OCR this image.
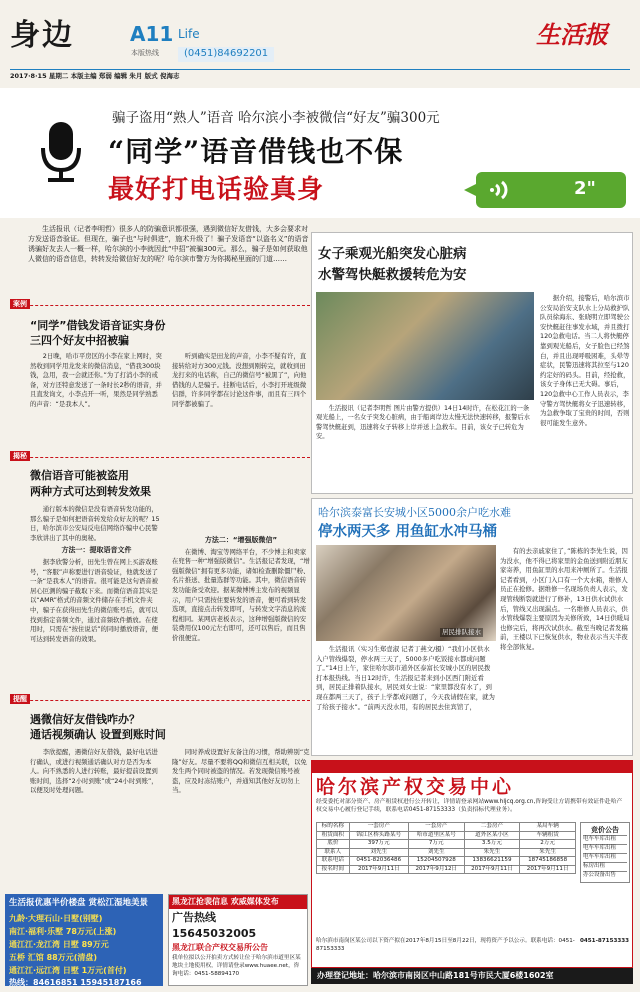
身边	A11 Life
本版热线	(0451)84692201
生活报
2017·8·15 星期二 本版主编 郑弱 编辑 朱月 版式 倪海志
骗子盗用“熟人”语音 哈尔滨小李被微信“好友”骗300元
“同学”语音借钱也不保
最好打电话验真身	2"
生活报讯（记者李明哲）很多人的防骗意识都很强，遇到微信好友借钱，大多会要求对方发送语音验证。但现在，骗子也“与时俱进”，施术升级了！骗子发语音“以盗名义”的语音诱骗好友去人一概一样，哈尔滨的小李就因此“中招”被骗300元。那么，骗子是如何获取他人微信的语音信息，转转发给微信好友的呢？哈尔滨市警方为你揭秘里面的门道……
案例
“同学”借钱发语音证实身份
三四个好友中招被骗

2日晚，哈市平房区的小李在家上网时，突然收到同学用龙发来的微信消息，“借我300块钱，急用，我一会就还你。”为了打消小李的戒备，对方还特意发送了一条时长2秒的语音，并且直发询文，小李点开一听，果然是同学熟悉的声音：“是我本人”。

听到确实是田龙的声音，小李不疑有许，直接转给对方300元钱。没想到刚转完，就收到田龙打来的电话称，自己的微信号“被黑了”，向他借钱的人是骗子。挂断电话后，小李打开班级微信群，许多同学都在讨论这件事，而且有三四个同学都被骗了。

揭秘
微信语音可能被盗用
两种方式可达到转发效果

通行版本的微信是没有语音转发功能的，那么骗子是如何把语音转发给众好友的呢？15日，哈尔滨市公安局反电信网络诈骗中心民警李欣讲出了其中的奥秘。

方法一：提取语音文件

据李欣警分析，田先生曾在网上买游戏账号，“客服”声称要进行语音验证，他就发送了一条“是我本人”的语音。很可能是这句语音被居心叵测的骗子截取下来。而微信语音其实是以“AMR”格式的音频文件储存在手机文件夹中，骗子在获得田先生的微信账号后，就可以找到指定音频文件，通过音频软件播放。在使用时，只需在“按住说话”的同时播放语音，便可达到转发语音的效果。

方法二：“增强版微信”

在微博、淘宝等网络平台，不少博主和卖家在兜售一种“增强版微信”。生活报记者发现，“增强版微信”拥有更多功能，诸如检查删除僵尸粉、名片推送、批量选群等功能。其中，微信语音转发功能备受欢迎。据某微博博主发布的视频显示，用户只需按住要转发的语音，便可看到转发选项，直接点击转发即可，与转发文字消息的流程相同。某网店老板表示，这种增强版微信的安装费用仅100元左右即可，还可以售后，而且售价很便宜。

提醒
遇微信好友借钱咋办？
通话视频确认 设置到账时间

李欣提醒，遇微信好友借钱，最好电话进行确认，或进行视频通话确认对方是否为本人。向不熟悉的人进行转账，最好提前设置到账时间，选择“2小时到账”或“24小时到账”，以便及时处理问题。

同时养成设置好友备注的习惯，帮助辨别“克隆”好友。尽量不要将QQ和微信互相关联，以免发生两个同时被盗的情况。若发现微信账号被盗，应及时冻结账户，并通知其他好友切勿上当。

女子乘观光船突发心脏病
水警驾快艇救援转危为安
生活报讯（记者李明哲 图片由警方提供）14日14时许，在松花江的一条观光船上，一名女子突发心脏病，由于船离岸边太慢无法快速转移，报警后水警驾快艇赶到，迅速将女子转移上岸并送上急救车。目前，该女子已转危为安。

据介绍，接警后，哈尔滨市公安局治安支队水上分局救护队队员徐海东、张晓明立即驾驶公安快艇赶往事发水域，并且拨打120急救电话。当二人将快艇停靠到观光船后，女子脸色已经煞白，并且出现呼吸困难，头晕等症状，民警迅速将其拉至与120约定好的码头。目前，经抢救，该女子身体已无大碍。事后，120急救中心工作人员表示，李守警方驾快艇将女子迅速转移，为急救争取了宝贵的时间，否则很可能发生意外。

哈尔滨泰富长安城小区5000余户吃水难
停水两天多 用鱼缸水冲马桶
居民排队接水

有的去亲戚家住了，”陈栋的李先生说，因为没水，他不得已将家里的金鱼送到附近朋友家寄养，用鱼缸里的水用来冲厕所了。生活报记者看到，小区门入口有一个大水箱，维修人员正在抢修。据维修一名现场负责人表示，发现管线断裂就进行了修补，13日供水试供水后，管线又出现漏点。一名维修人员表示，供水管线爆裂主要原因为关修所致，14日供暖局也修完后，将再次试供水。截至当晚记者发稿前，王楼以下已恢复供水，物业表示当天半夜将全部恢复。

生活报讯（实习生郑壹淑 记者丁燕文/摄）“我们小区供水入户管线爆裂，停水两三天了，5000多户吃饭接水都成问题了。”14日上午，家住哈尔滨市道外区泰富长安城小区的居民拨打本报热线。当日12时许，生活报记者来到小区西门附近看到，居民正排着队接水，居民刘女士说：“家里都没有水了，到现在都两三天了，孩子上学都成问题了，今天我请假在家，就为了给孩子接水”。“前两天没水用，有的居民去住宾馆了，

哈尔滨产权交易中心
经受委托对部分资产、房产租赁权进行公开转让，详情请登录网站www.hljcq.org.cn,咨询受让方请携带有效证件赴哈产权交易中心履行登记手续，联系电话0451-87153333（负责招标代理业务）。
标的名称	一套房产	一套房产	二套房产	某局车辆
租赁面积	锦江区桥头路某号	哈市道里区某号	道外区某小区	车辆租赁
底价	397万元	7万元	3.5万元	2万元
联系人	刘先生	刘先生	朱先生	朱先生
联系电话	0451-82036486	15204507928	13836621159	18745186858
报名时间	2017年9月11日	2017年9月12日	2017年9月11日	2017年9月11日
竞价公告
电车车库出租
电车车库出租
电车车库出租
标房出租
办公设备出售
哈尔滨市南岗区某公司以下资产拟在2017年8月15日至8月22日，现将资产予以公示。联系电话：0451-87153333
办理登记地址：哈尔滨市南岗区中山路181号市民大厦6楼1602室
0451-87153333
生活报优惠半价楼盘 赏松江湿地美景
九龄·大理石山·日墅(别墅)
南江·福利·乐墅 78万元(上涨)
通江江·龙江湾 日墅 89万元
五桥 汇馆 88万元(清盘)
通江江·远江湾 日墅 1万元(首付)
热线：84616851 15945187166
黑龙江抢裴信息 欢威媒体发布
广告热线 15645032005
黑龙江联合产权交易所公告
我单位拟以公开拍卖方式转让位于哈尔滨市道里区某地块土地使用权，详情请登录www.huaee.net，咨询电话：0451-58894170
